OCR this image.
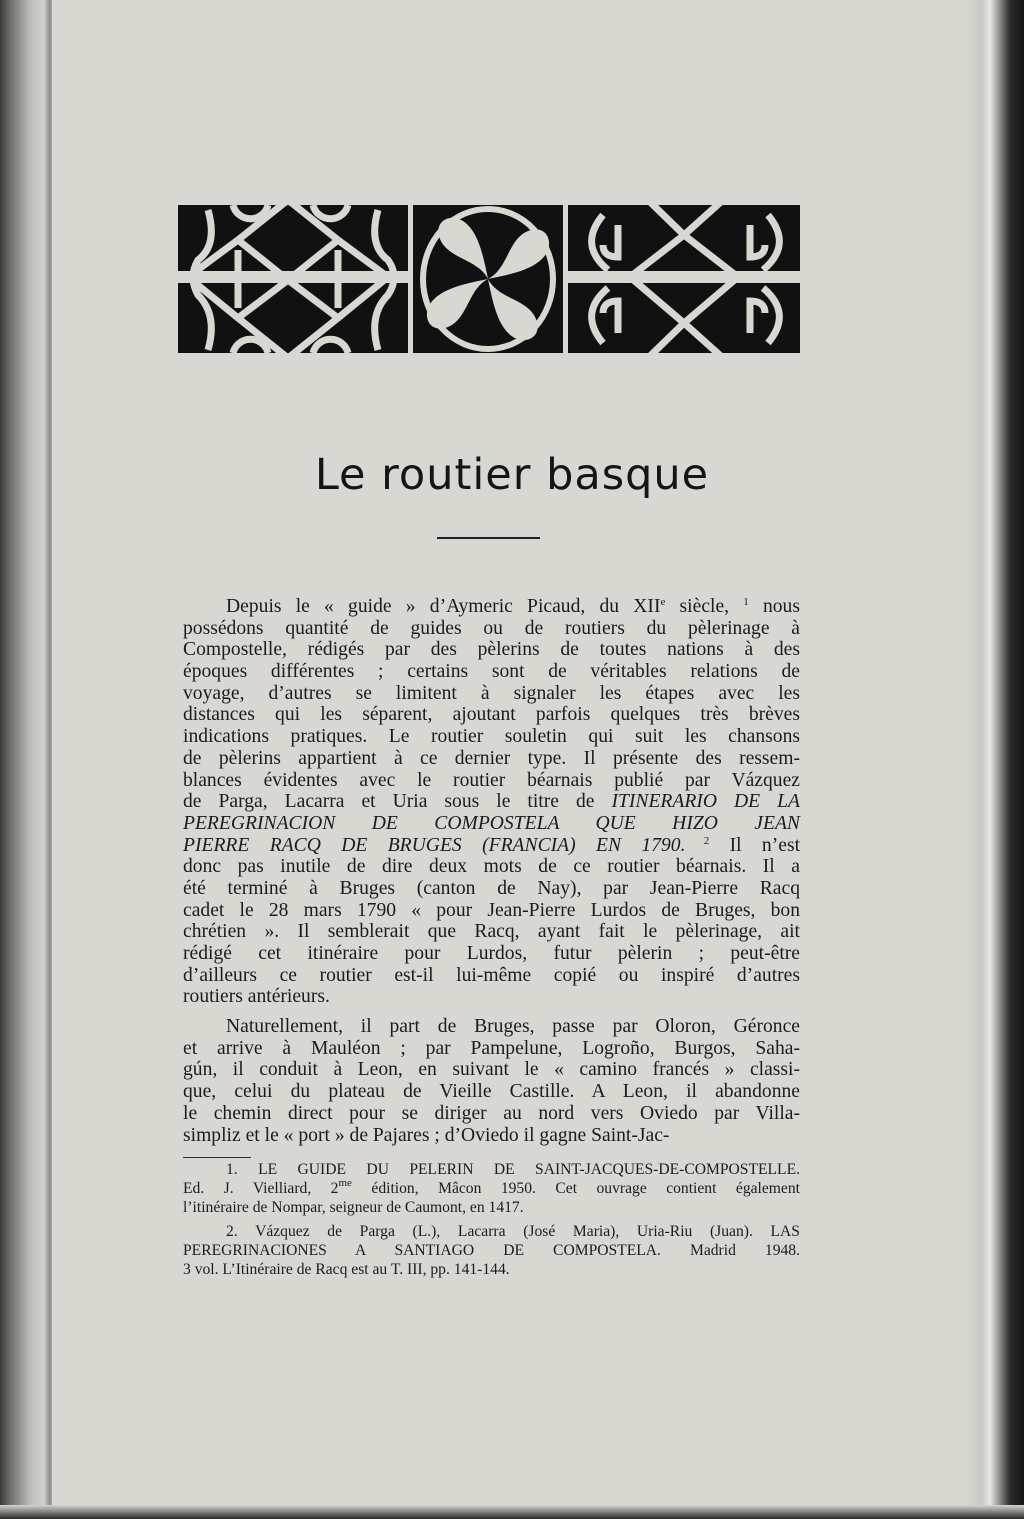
Le routier basque
Depuis le « guide » d’Aymeric Picaud, du XIIe siècle, $^1$ nous
possédons quantité de guides ou de routiers du pèlerinage à
Compostelle, rédigés par des pèlerins de toutes nations à des
époques différentes ; certains sont de véritables relations de
voyage, d’autres se limitent à signaler les étapes avec les
distances qui les séparent, ajoutant parfois quelques très brèves
indications pratiques. Le routier souletin qui suit les chansons
de pèlerins appartient à ce dernier type. Il présente des ressem-
blances évidentes avec le routier béarnais publié par Vázquez
de Parga, Lacarra et Uria sous le titre de ITINERARIO DE LA
PEREGRINACION DE COMPOSTELA QUE HIZO JEAN
PIERRE RACQ DE BRUGES (FRANCIA) EN 1790. $^2$ Il n’est
donc pas inutile de dire deux mots de ce routier béarnais. Il a
été terminé à Bruges (canton de Nay), par Jean-Pierre Racq
cadet le 28 mars 1790 « pour Jean-Pierre Lurdos de Bruges, bon
chrétien ». Il semblerait que Racq, ayant fait le pèlerinage, ait
rédigé cet itinéraire pour Lurdos, futur pèlerin ; peut-être
d’ailleurs ce routier est-il lui-même copié ou inspiré d’autres
routiers antérieurs.
Naturellement, il part de Bruges, passe par Oloron, Géronce
et arrive à Mauléon ; par Pampelune, Logroño, Burgos, Saha-
gún, il conduit à Leon, en suivant le « camino francés » classi-
que, celui du plateau de Vieille Castille. A Leon, il abandonne
le chemin direct pour se diriger au nord vers Oviedo par Villa-
simpliz et le « port » de Pajares ; d’Oviedo il gagne Saint-Jac-
1. LE GUIDE DU PELERIN DE SAINT-JACQUES-DE-COMPOSTELLE.
Ed. J. Vielliard, $2^{me}$ édition, Mâcon 1950. Cet ouvrage contient également
l’itinéraire de Nompar, seigneur de Caumont, en 1417.
2. Vázquez de Parga (L.), Lacarra (José Maria), Uria-Riu (Juan). LAS
PEREGRINACIONES A SANTIAGO DE COMPOSTELA. Madrid 1948.
3 vol. L’Itinéraire de Racq est au T. III, pp. 141-144.
